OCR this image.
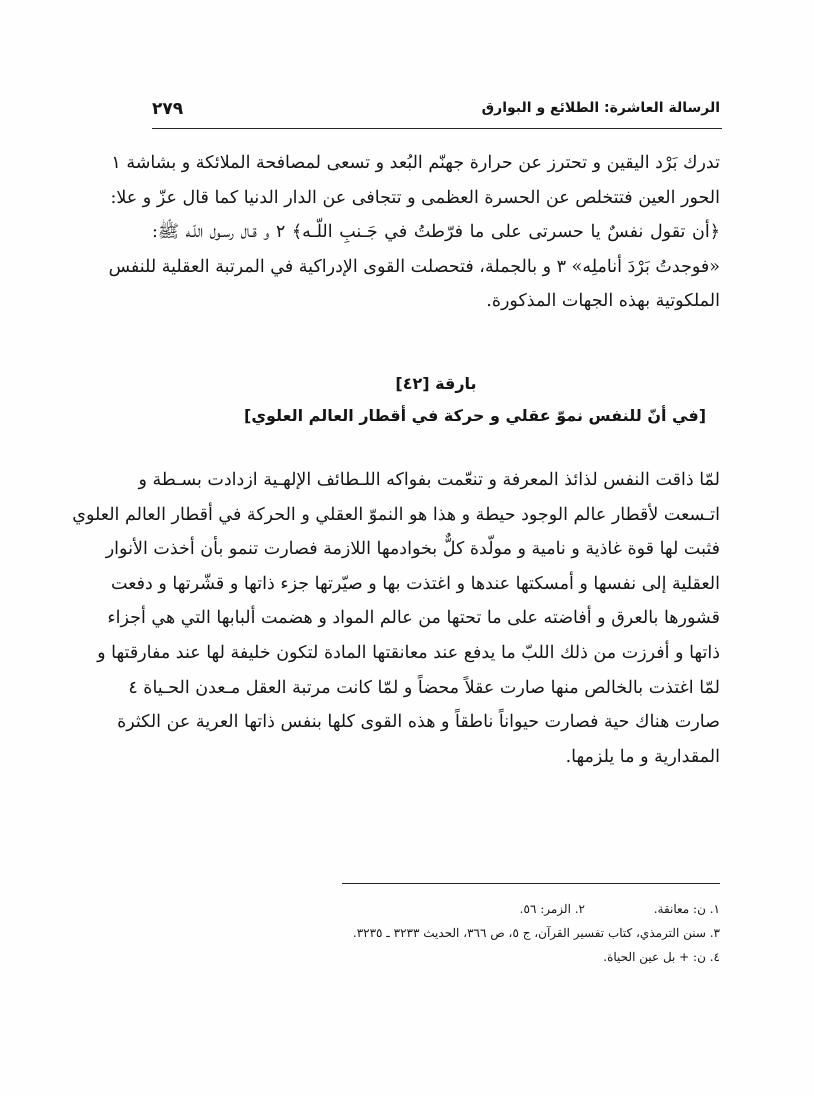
الرسالة العاشرة: الطلائع و البوارق
٢٧٩
تدرك بَرْد اليقين و تحترز عن حرارة جهنّم البُعد و تسعى لمصافحة الملائكة و بشاشة ١
الحور العين فتتخلص عن الحسرة العظمى و تتجافى عن الدار الدنيا كما قال عزّ و علا:
﴿أن تقول نفسٌ يا حسرتى على ما فرّطتُ في جَـنبِ اللّـه﴾ ٢ و قـال رسـول اللّـه ﷺ:
«فوجدتُ بَرْدَ أناملِه» ٣ و بالجملة، فتحصلت القوى الإدراكية في المرتبة العقلية للنفس
الملكوتية بهذه الجهات المذكورة.
بارقة [٤٢]
[في أنّ للنفس نموّ عقلي و حركة في أقطار العالم العلوي]
لمّا ذاقت النفس لذائذ المعرفة و تنعّمت بفواكه اللـطائف الإلهـية ازدادت بسـطة و
اتـسعت لأقطار عالم الوجود حيطة و هذا هو النموّ العقلي و الحركة في أقطار العالم العلوي
فثبت لها قوة غاذية و نامية و مولّدة كلٌّ بخوادمها اللازمة فصارت تنمو بأن أخذت الأنوار
العقلية إلى نفسها و أمسكتها عندها و اغتذت بها و صيّرتها جزء ذاتها و قشّرتها و دفعت
قشورها بالعرق و أفاضته على ما تحتها من عالم المواد و هضمت ألبابها التي هي أجزاء
ذاتها و أفرزت من ذلك اللبّ ما يدفع عند معانقتها المادة لتكون خليفة لها عند مفارقتها و
لمّا اغتذت بالخالص منها صارت عقلاً محضاً و لمّا كانت مرتبة العقل مـعدن الحـياة ٤
صارت هناك حية فصارت حيواناً ناطقاً و هذه القوى كلها بنفس ذاتها العرية عن الكثرة
المقدارية و ما يلزمها.
١. ن: معانقة.
٢. الزمر: ٥٦.
٣. سنن الترمذي، كتاب تفسير القرآن، ج ٥، ص ٣٦٦، الحديث ٣٢٣٣ ـ ٣٢٣٥.
٤. ن: + بل عين الحياة.
